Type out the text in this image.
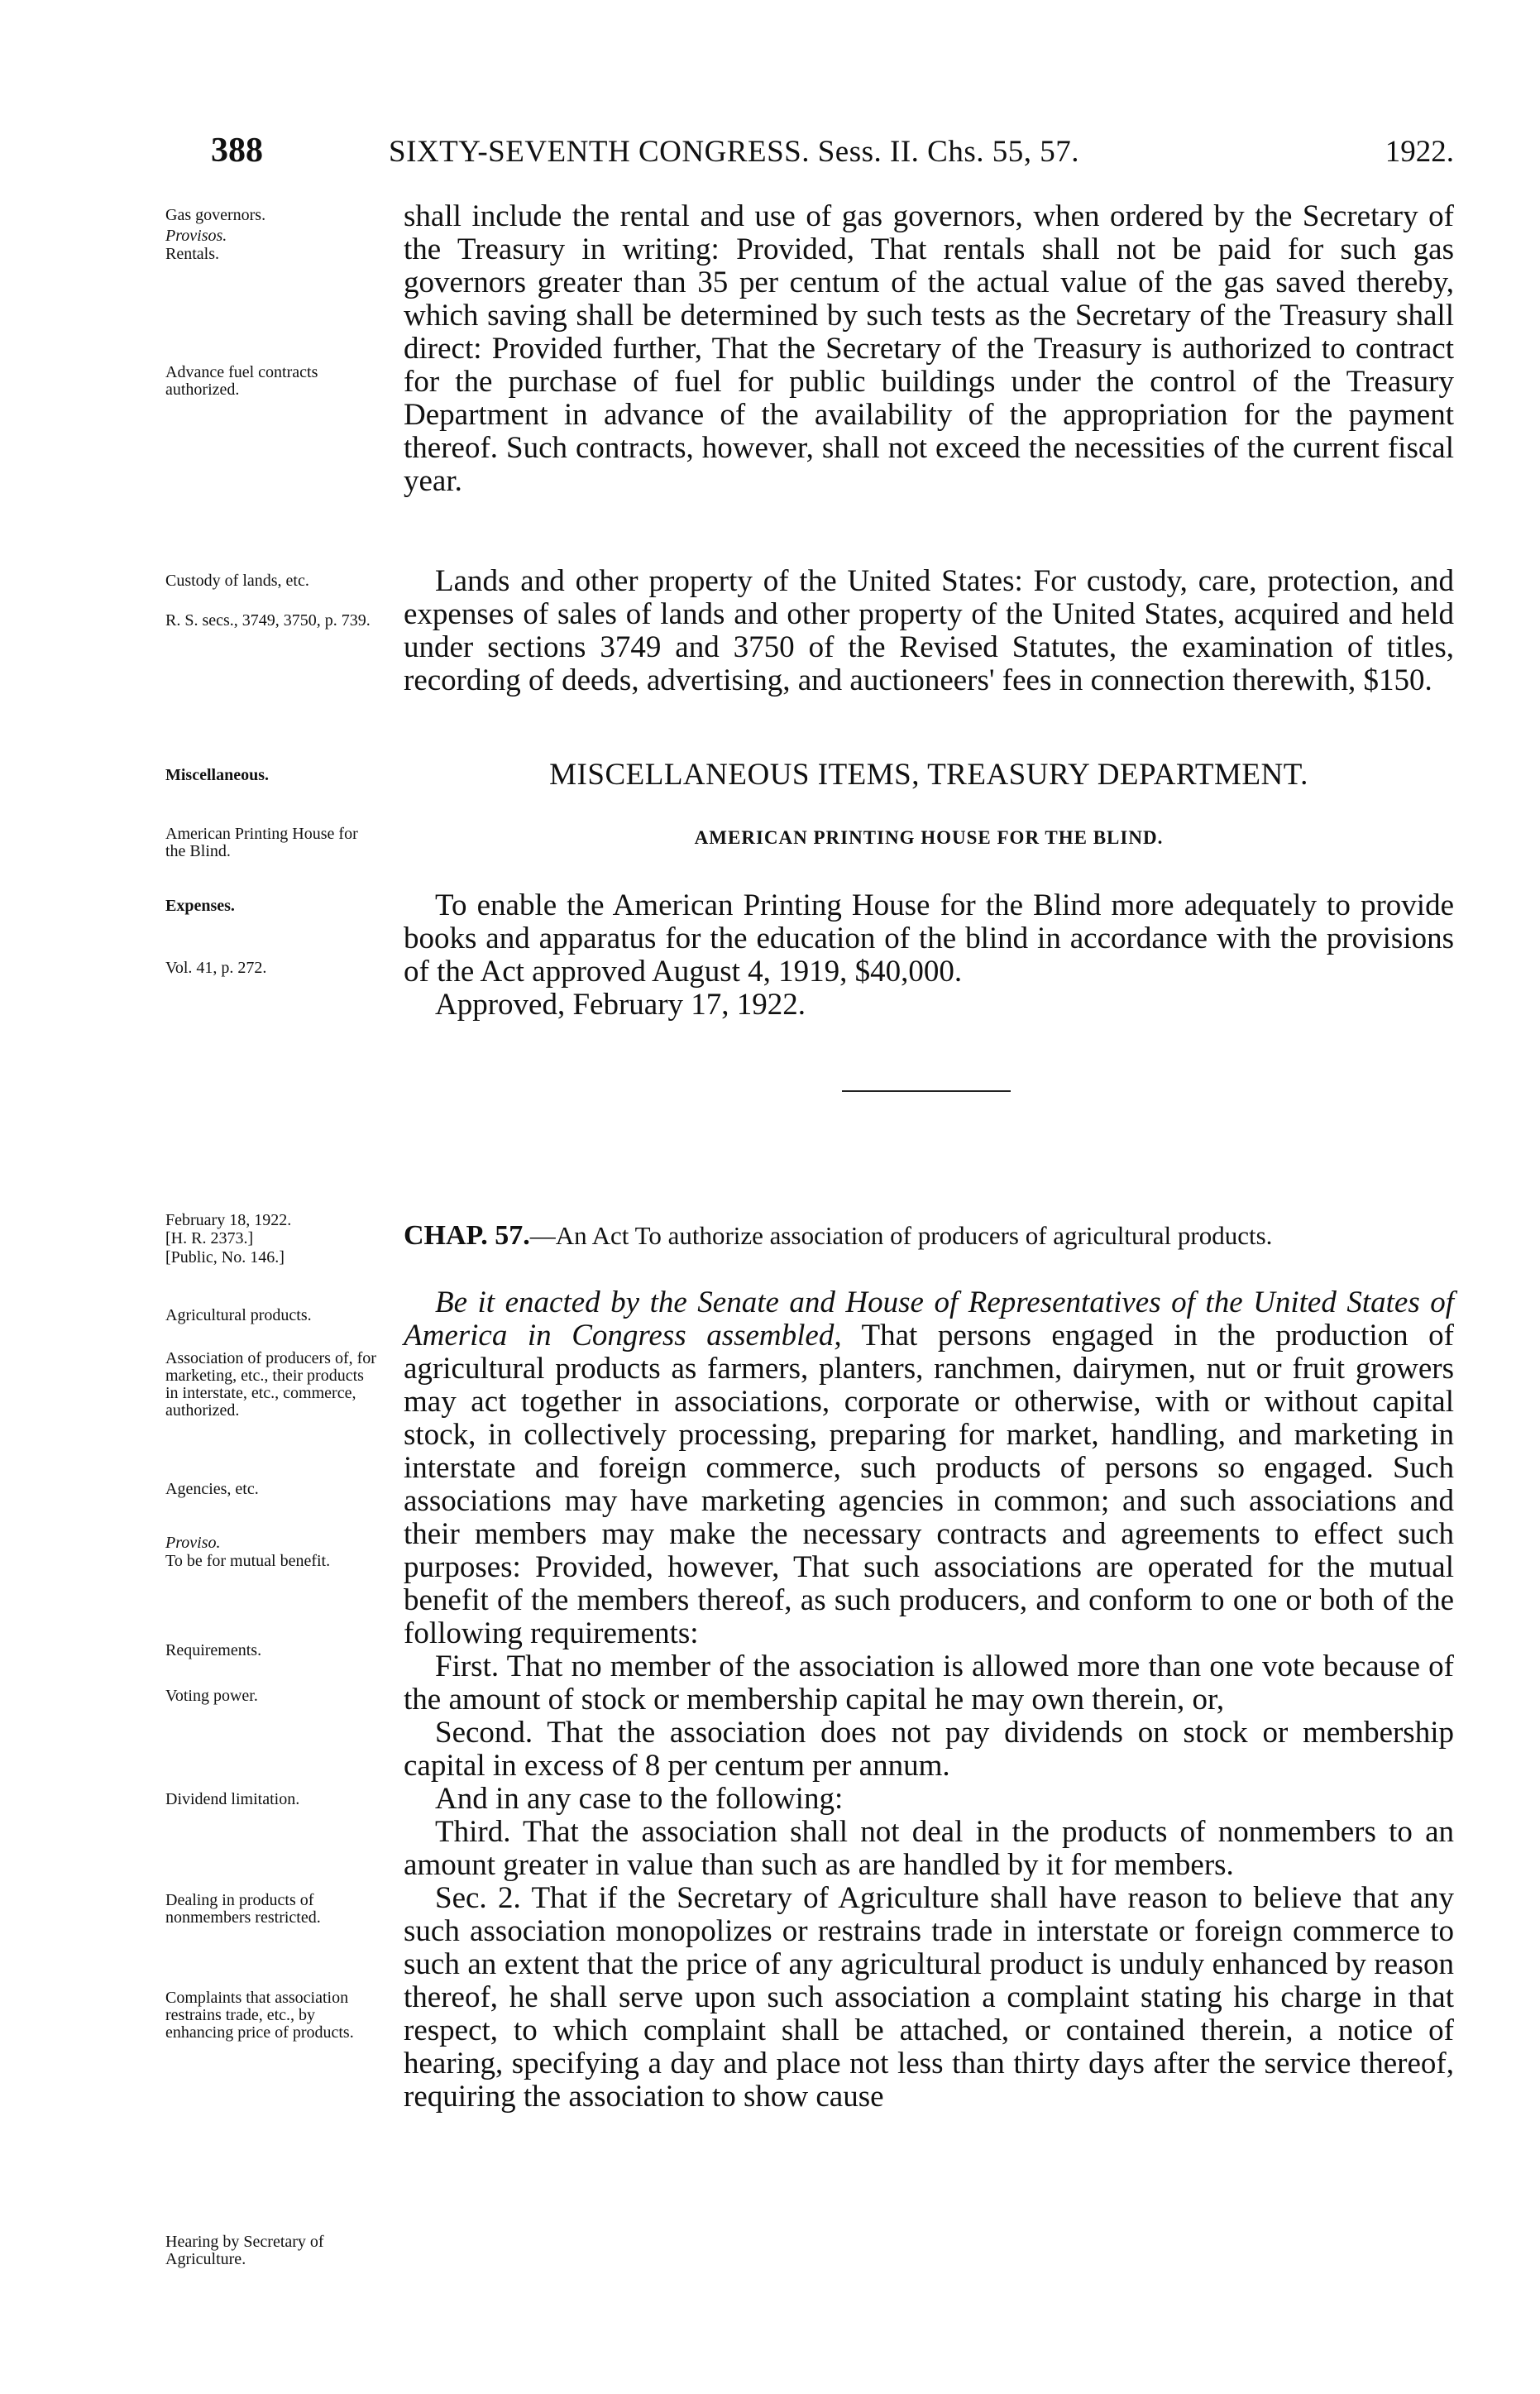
388	SIXTY-SEVENTH CONGRESS. Sess. II. Chs. 55, 57.	1922.
Gas governors.
Provisos.
Rentals.
Advance fuel contracts authorized.
Custody of lands, etc.
R. S. secs., 3749, 3750, p. 739.
Miscellaneous.
American Printing House for the Blind.
Expenses.
Vol. 41, p. 272.
February 18, 1922.
[H. R. 2373.]
[Public, No. 146.]
Agricultural products.
Association of producers of, for marketing, etc., their products in interstate, etc., commerce, authorized.
Agencies, etc.
Proviso.
To be for mutual benefit.
Requirements.
Voting power.
Dividend limitation.
Dealing in products of nonmembers restricted.
Complaints that association restrains trade, etc., by enhancing price of products.
Hearing by Secretary of Agriculture.

shall include the rental and use of gas governors, when ordered by the Secretary of the Treasury in writing: Provided, That rentals shall not be paid for such gas governors greater than 35 per centum of the actual value of the gas saved thereby, which saving shall be determined by such tests as the Secretary of the Treasury shall direct: Provided further, That the Secretary of the Treasury is authorized to contract for the purchase of fuel for public buildings under the control of the Treasury Department in advance of the availability of the appropriation for the payment thereof. Such contracts, however, shall not exceed the necessities of the current fiscal year.

Lands and other property of the United States: For custody, care, protection, and expenses of sales of lands and other property of the United States, acquired and held under sections 3749 and 3750 of the Revised Statutes, the examination of titles, recording of deeds, advertising, and auctioneers' fees in connection therewith, $150.

MISCELLANEOUS ITEMS, TREASURY DEPARTMENT.
AMERICAN PRINTING HOUSE FOR THE BLIND.

To enable the American Printing House for the Blind more adequately to provide books and apparatus for the education of the blind in accordance with the provisions of the Act approved August 4, 1919, $40,000.

Approved, February 17, 1922.

CHAP. 57.—An Act To authorize association of producers of agricultural products.

Be it enacted by the Senate and House of Representatives of the United States of America in Congress assembled, That persons engaged in the production of agricultural products as farmers, planters, ranchmen, dairymen, nut or fruit growers may act together in associations, corporate or otherwise, with or without capital stock, in collectively processing, preparing for market, handling, and marketing in interstate and foreign commerce, such products of persons so engaged. Such associations may have marketing agencies in common; and such associations and their members may make the necessary contracts and agreements to effect such purposes: Provided, however, That such associations are operated for the mutual benefit of the members thereof, as such producers, and conform to one or both of the following requirements:

First. That no member of the association is allowed more than one vote because of the amount of stock or membership capital he may own therein, or,

Second. That the association does not pay dividends on stock or membership capital in excess of 8 per centum per annum.

And in any case to the following:

Third. That the association shall not deal in the products of nonmembers to an amount greater in value than such as are handled by it for members.

Sec. 2. That if the Secretary of Agriculture shall have reason to believe that any such association monopolizes or restrains trade in interstate or foreign commerce to such an extent that the price of any agricultural product is unduly enhanced by reason thereof, he shall serve upon such association a complaint stating his charge in that respect, to which complaint shall be attached, or contained therein, a notice of hearing, specifying a day and place not less than thirty days after the service thereof, requiring the association to show cause
